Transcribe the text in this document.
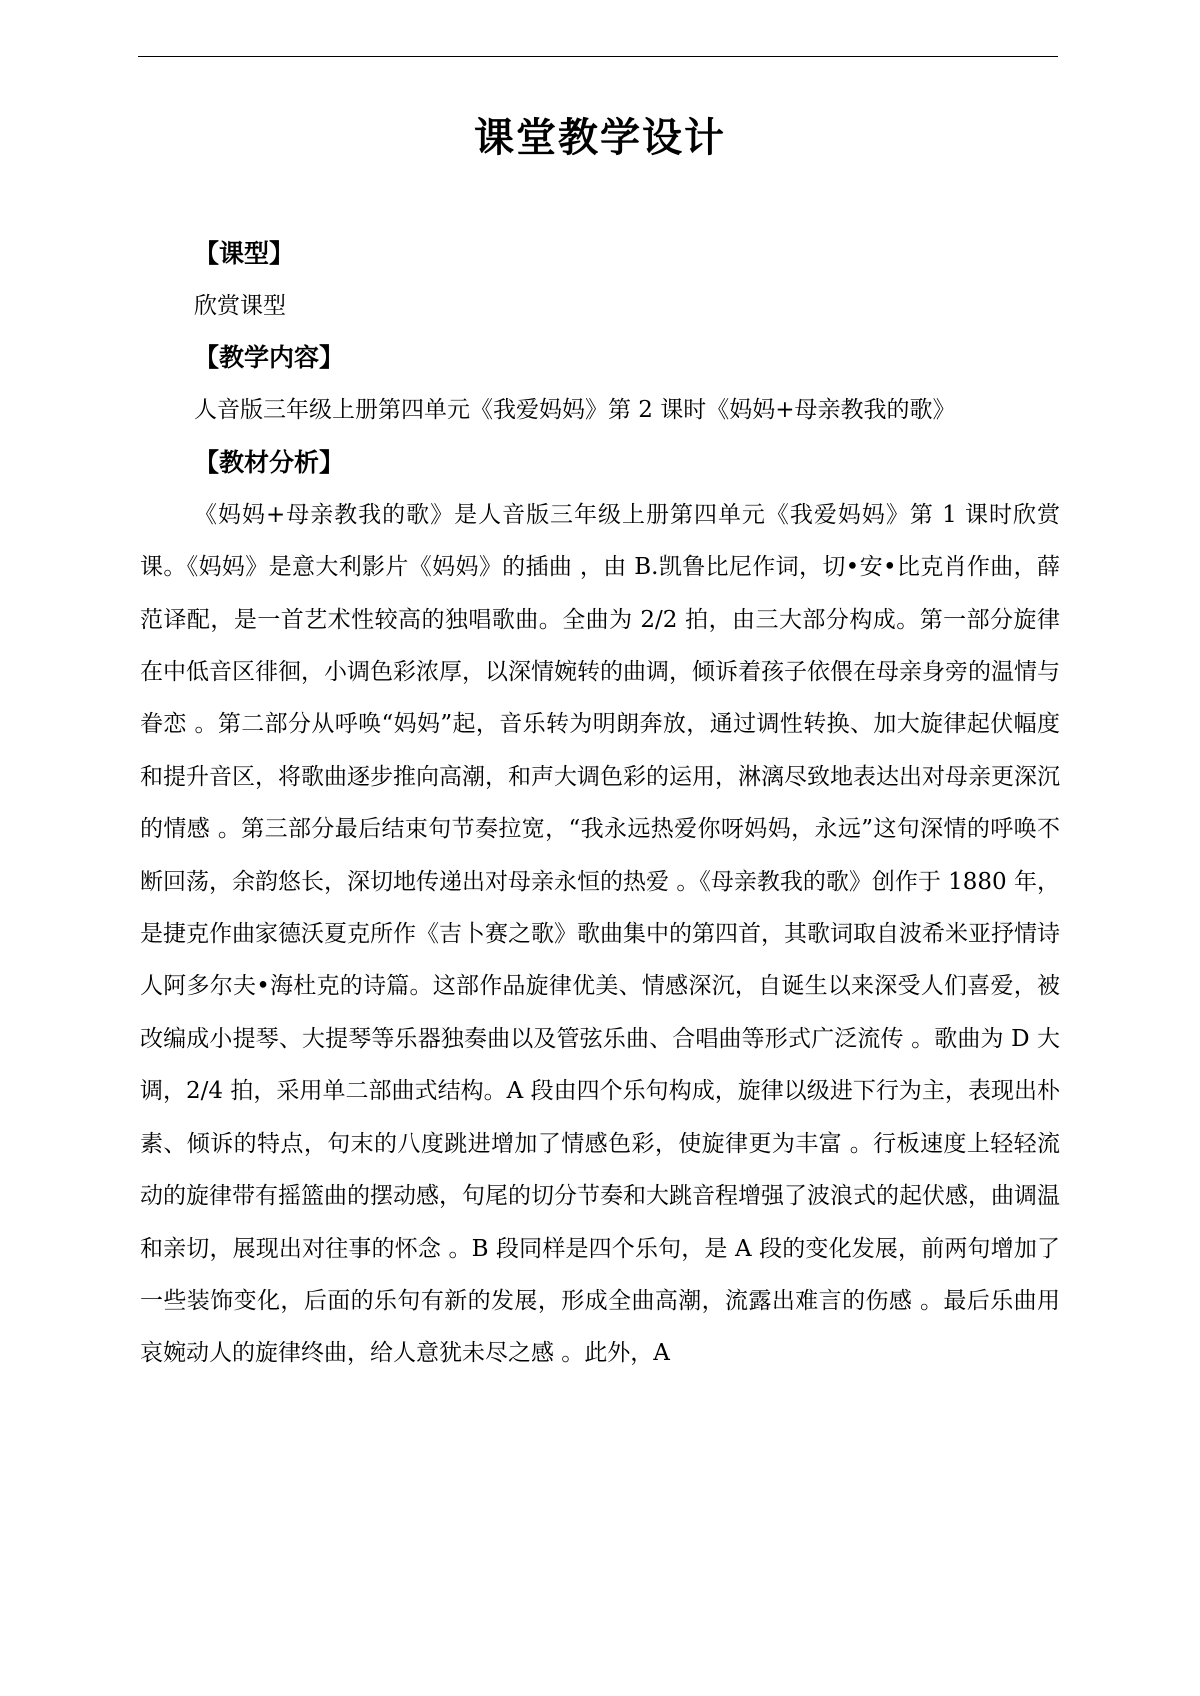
课堂教学设计

【课型】

欣赏课型

【教学内容】

人音版三年级上册第四单元《我爱妈妈》第 2 课时《妈妈+母亲教我的歌》

【教材分析】

《妈妈+母亲教我的歌》是人音版三年级上册第四单元《我爱妈妈》第 1 课时欣赏课。《妈妈》是意大利影片《妈妈》的插曲 ，由 B.凯鲁比尼作词，切•安•比克肖作曲，薛范译配，是一首艺术性较高的独唱歌曲。全曲为 2/2 拍，由三大部分构成。第一部分旋律在中低音区徘徊，小调色彩浓厚，以深情婉转的曲调，倾诉着孩子依偎在母亲身旁的温情与眷恋 。第二部分从呼唤“妈妈”起，音乐转为明朗奔放，通过调性转换、加大旋律起伏幅度和提升音区，将歌曲逐步推向高潮，和声大调色彩的运用，淋漓尽致地表达出对母亲更深沉的情感 。第三部分最后结束句节奏拉宽，“我永远热爱你呀妈妈，永远”这句深情的呼唤不断回荡，余韵悠长，深切地传递出对母亲永恒的热爱 。《母亲教我的歌》创作于 1880 年，是捷克作曲家德沃夏克所作《吉卜赛之歌》歌曲集中的第四首，其歌词取自波希米亚抒情诗人阿多尔夫•海杜克的诗篇。这部作品旋律优美、情感深沉，自诞生以来深受人们喜爱，被改编成小提琴、大提琴等乐器独奏曲以及管弦乐曲、合唱曲等形式广泛流传 。歌曲为 D 大调，2/4 拍，采用单二部曲式结构。A 段由四个乐句构成，旋律以级进下行为主，表现出朴素、倾诉的特点，句末的八度跳进增加了情感色彩，使旋律更为丰富 。行板速度上轻轻流动的旋律带有摇篮曲的摆动感，句尾的切分节奏和大跳音程增强了波浪式的起伏感，曲调温和亲切，展现出对往事的怀念 。B 段同样是四个乐句，是 A 段的变化发展，前两句增加了一些装饰变化，后面的乐句有新的发展，形成全曲高潮，流露出难言的伤感 。最后乐曲用哀婉动人的旋律终曲，给人意犹未尽之感 。此外，A
